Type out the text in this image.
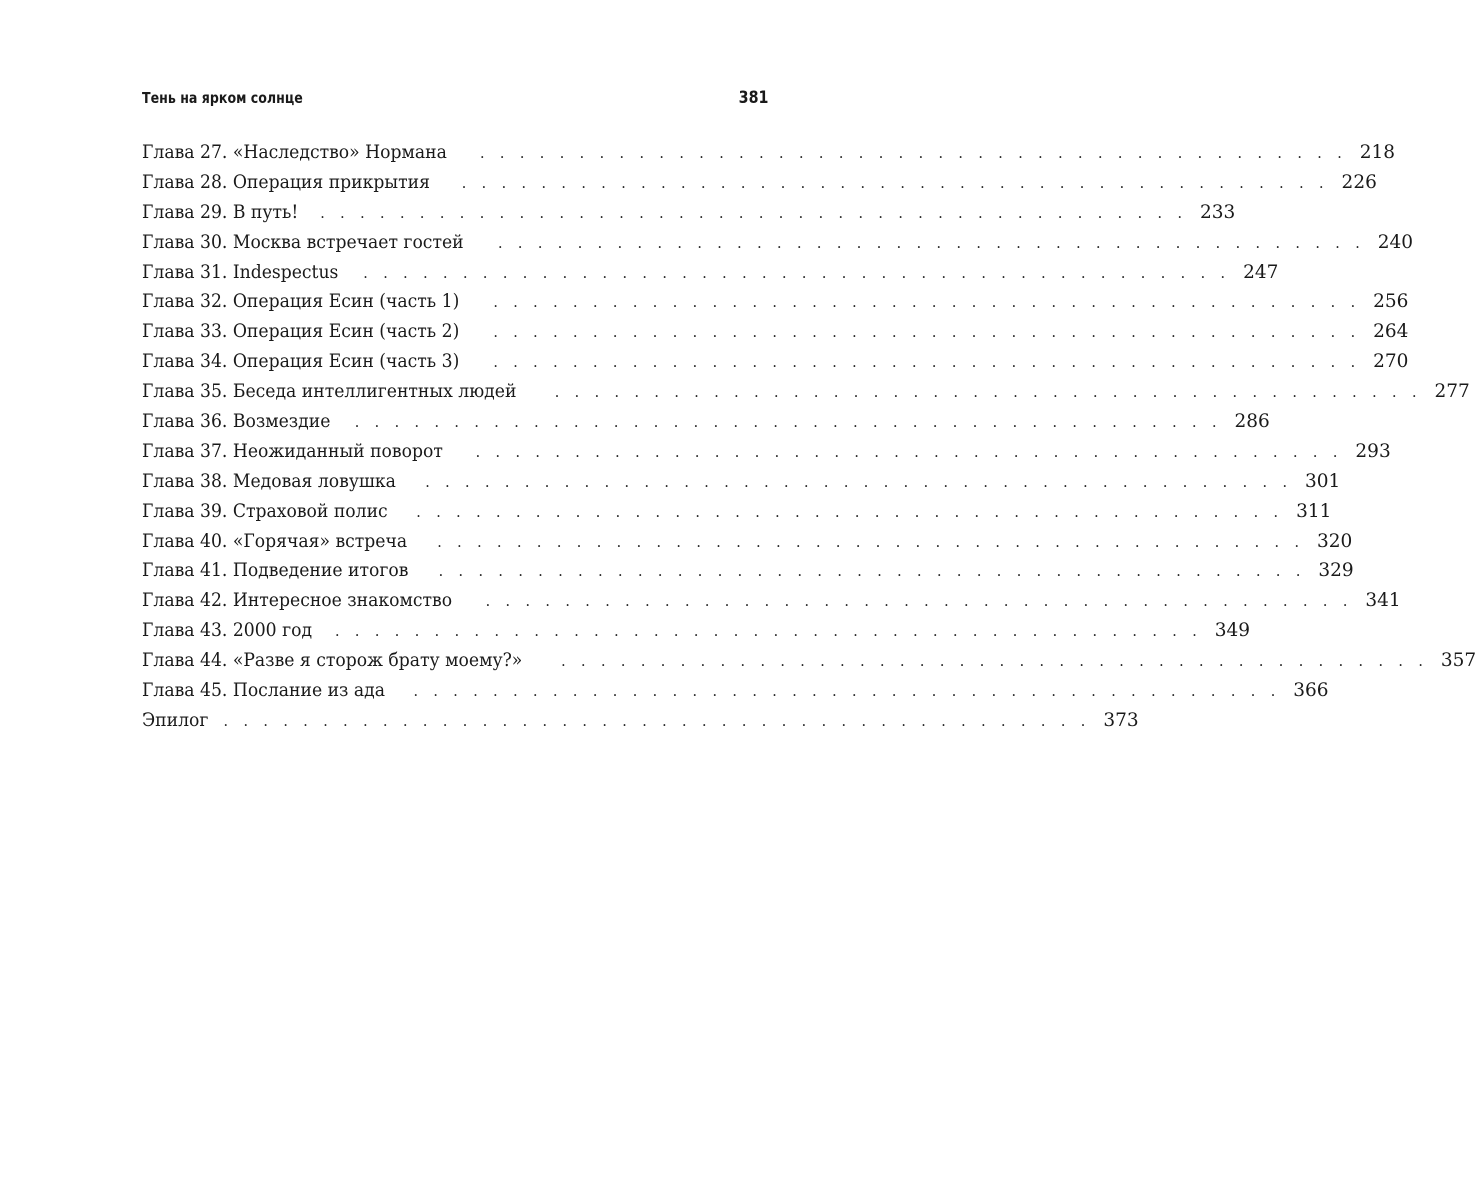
Тень на ярком солнце	381
Глава 27. «Наследство» Нормана . . . . . . . . . . . . . . . . . . . . . . . . . . . . . . . . . . . . . . . . . . . . 218
Глава 28. Операция прикрытия . . . . . . . . . . . . . . . . . . . . . . . . . . . . . . . . . . . . . . . . . . . . 226
Глава 29. В путь! . . . . . . . . . . . . . . . . . . . . . . . . . . . . . . . . . . . . . . . . . . . . 233
Глава 30. Москва встречает гостей . . . . . . . . . . . . . . . . . . . . . . . . . . . . . . . . . . . . . . . . . . . . 240
Глава 31. Indespectus . . . . . . . . . . . . . . . . . . . . . . . . . . . . . . . . . . . . . . . . . . . . 247
Глава 32. Операция Есин (часть 1) . . . . . . . . . . . . . . . . . . . . . . . . . . . . . . . . . . . . . . . . . . . . 256
Глава 33. Операция Есин (часть 2) . . . . . . . . . . . . . . . . . . . . . . . . . . . . . . . . . . . . . . . . . . . . 264
Глава 34. Операция Есин (часть 3) . . . . . . . . . . . . . . . . . . . . . . . . . . . . . . . . . . . . . . . . . . . . 270
Глава 35. Беседа интеллигентных людей	. . . . . . . . . . . . . . . . . . . . . . . . . . . . . . . . . . . . . . . . . . . . 277
Глава 36. Возмездие . . . . . . . . . . . . . . . . . . . . . . . . . . . . . . . . . . . . . . . . . . . . 286
Глава 37. Неожиданный поворот . . . . . . . . . . . . . . . . . . . . . . . . . . . . . . . . . . . . . . . . . . . . 293
Глава 38. Медовая ловушка . . . . . . . . . . . . . . . . . . . . . . . . . . . . . . . . . . . . . . . . . . . . 301
Глава 39. Страховой полис . . . . . . . . . . . . . . . . . . . . . . . . . . . . . . . . . . . . . . . . . . . . 311
Глава 40. «Горячая» встреча . . . . . . . . . . . . . . . . . . . . . . . . . . . . . . . . . . . . . . . . . . . . 320
Глава 41. Подведение итогов . . . . . . . . . . . . . . . . . . . . . . . . . . . . . . . . . . . . . . . . . . . . 329
Глава 42. Интересное знакомство . . . . . . . . . . . . . . . . . . . . . . . . . . . . . . . . . . . . . . . . . . . . 341
Глава 43. 2000 год . . . . . . . . . . . . . . . . . . . . . . . . . . . . . . . . . . . . . . . . . . . . 349
Глава 44. «Разве я сторож брату моему?»	. . . . . . . . . . . . . . . . . . . . . . . . . . . . . . . . . . . . . . . . . . . . 357
Глава 45. Послание из ада . . . . . . . . . . . . . . . . . . . . . . . . . . . . . . . . . . . . . . . . . . . . 366
Эпилог . . . . . . . . . . . . . . . . . . . . . . . . . . . . . . . . . . . . . . . . . . . . 373
